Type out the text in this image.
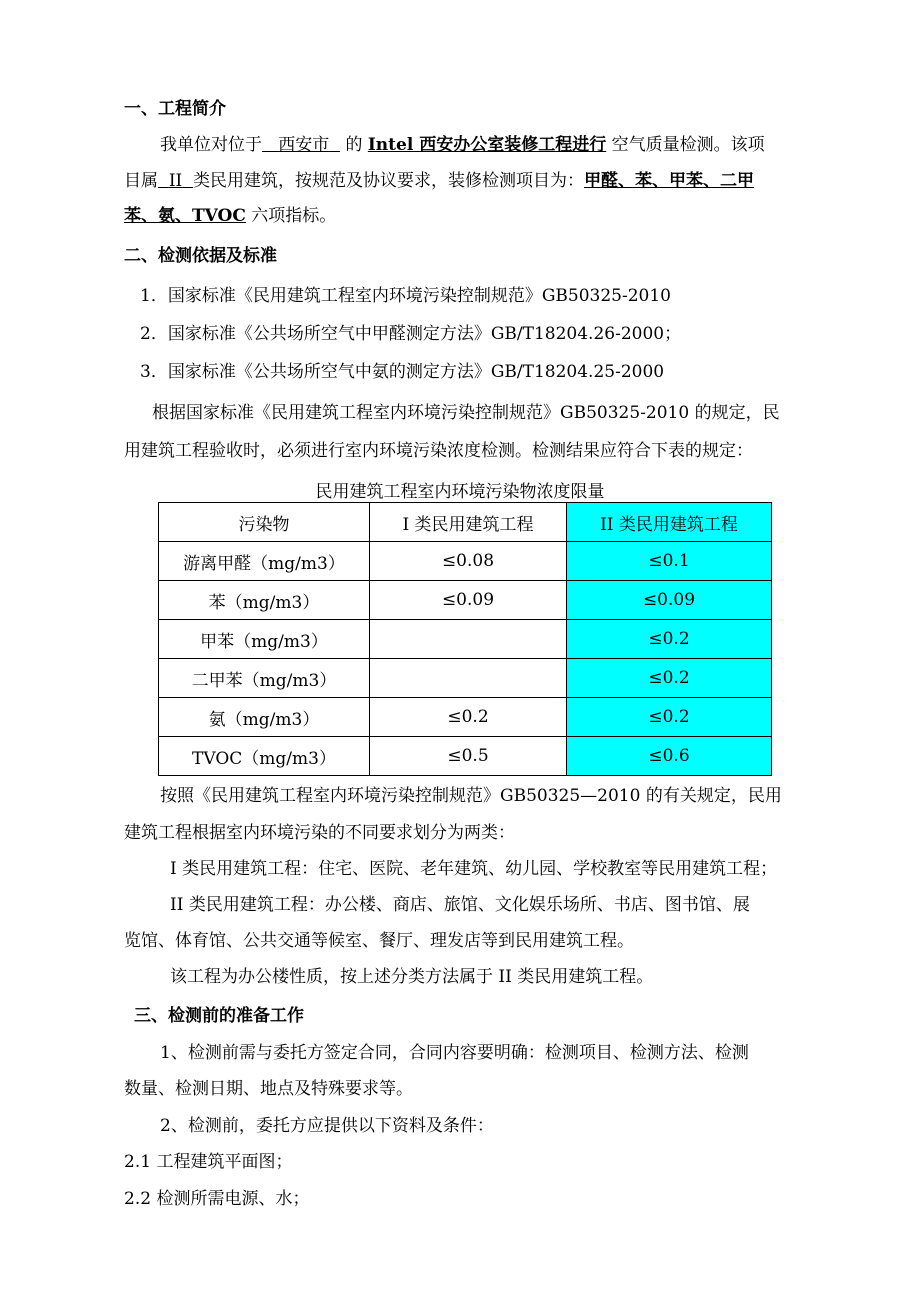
一、工程简介
我单位对位于 西安市 的 Intel 西安办公室装修工程进行 空气质量检测。该项
目属 II 类民用建筑，按规范及协议要求，装修检测项目为：甲醛、苯、甲苯、二甲
苯、氨、TVOC 六项指标。
二、检测依据及标准
1．国家标准《民用建筑工程室内环境污染控制规范》GB50325-2010
2．国家标准《公共场所空气中甲醛测定方法》GB/T18204.26-2000；
3．国家标准《公共场所空气中氨的测定方法》GB/T18204.25-2000
根据国家标准《民用建筑工程室内环境污染控制规范》GB50325-2010 的规定，民
用建筑工程验收时，必须进行室内环境污染浓度检测。检测结果应符合下表的规定：
民用建筑工程室内环境污染物浓度限量
污染物	I 类民用建筑工程	II 类民用建筑工程
游离甲醛（mg/m3）	≤0.08	≤0.1
苯（mg/m3）	≤0.09	≤0.09
甲苯（mg/m3）		≤0.2
二甲苯（mg/m3）		≤0.2
氨（mg/m3）	≤0.2	≤0.2
TVOC（mg/m3）	≤0.5	≤0.6
按照《民用建筑工程室内环境污染控制规范》GB50325—2010 的有关规定，民用
建筑工程根据室内环境污染的不同要求划分为两类：
I 类民用建筑工程：住宅、医院、老年建筑、幼儿园、学校教室等民用建筑工程；
II 类民用建筑工程：办公楼、商店、旅馆、文化娱乐场所、书店、图书馆、展
览馆、体育馆、公共交通等候室、餐厅、理发店等到民用建筑工程。
该工程为办公楼性质，按上述分类方法属于 II 类民用建筑工程。
三、检测前的准备工作
1、检测前需与委托方签定合同，合同内容要明确：检测项目、检测方法、检测
数量、检测日期、地点及特殊要求等。
2、检测前，委托方应提供以下资料及条件：
2.1 工程建筑平面图；
2.2 检测所需电源、水；
